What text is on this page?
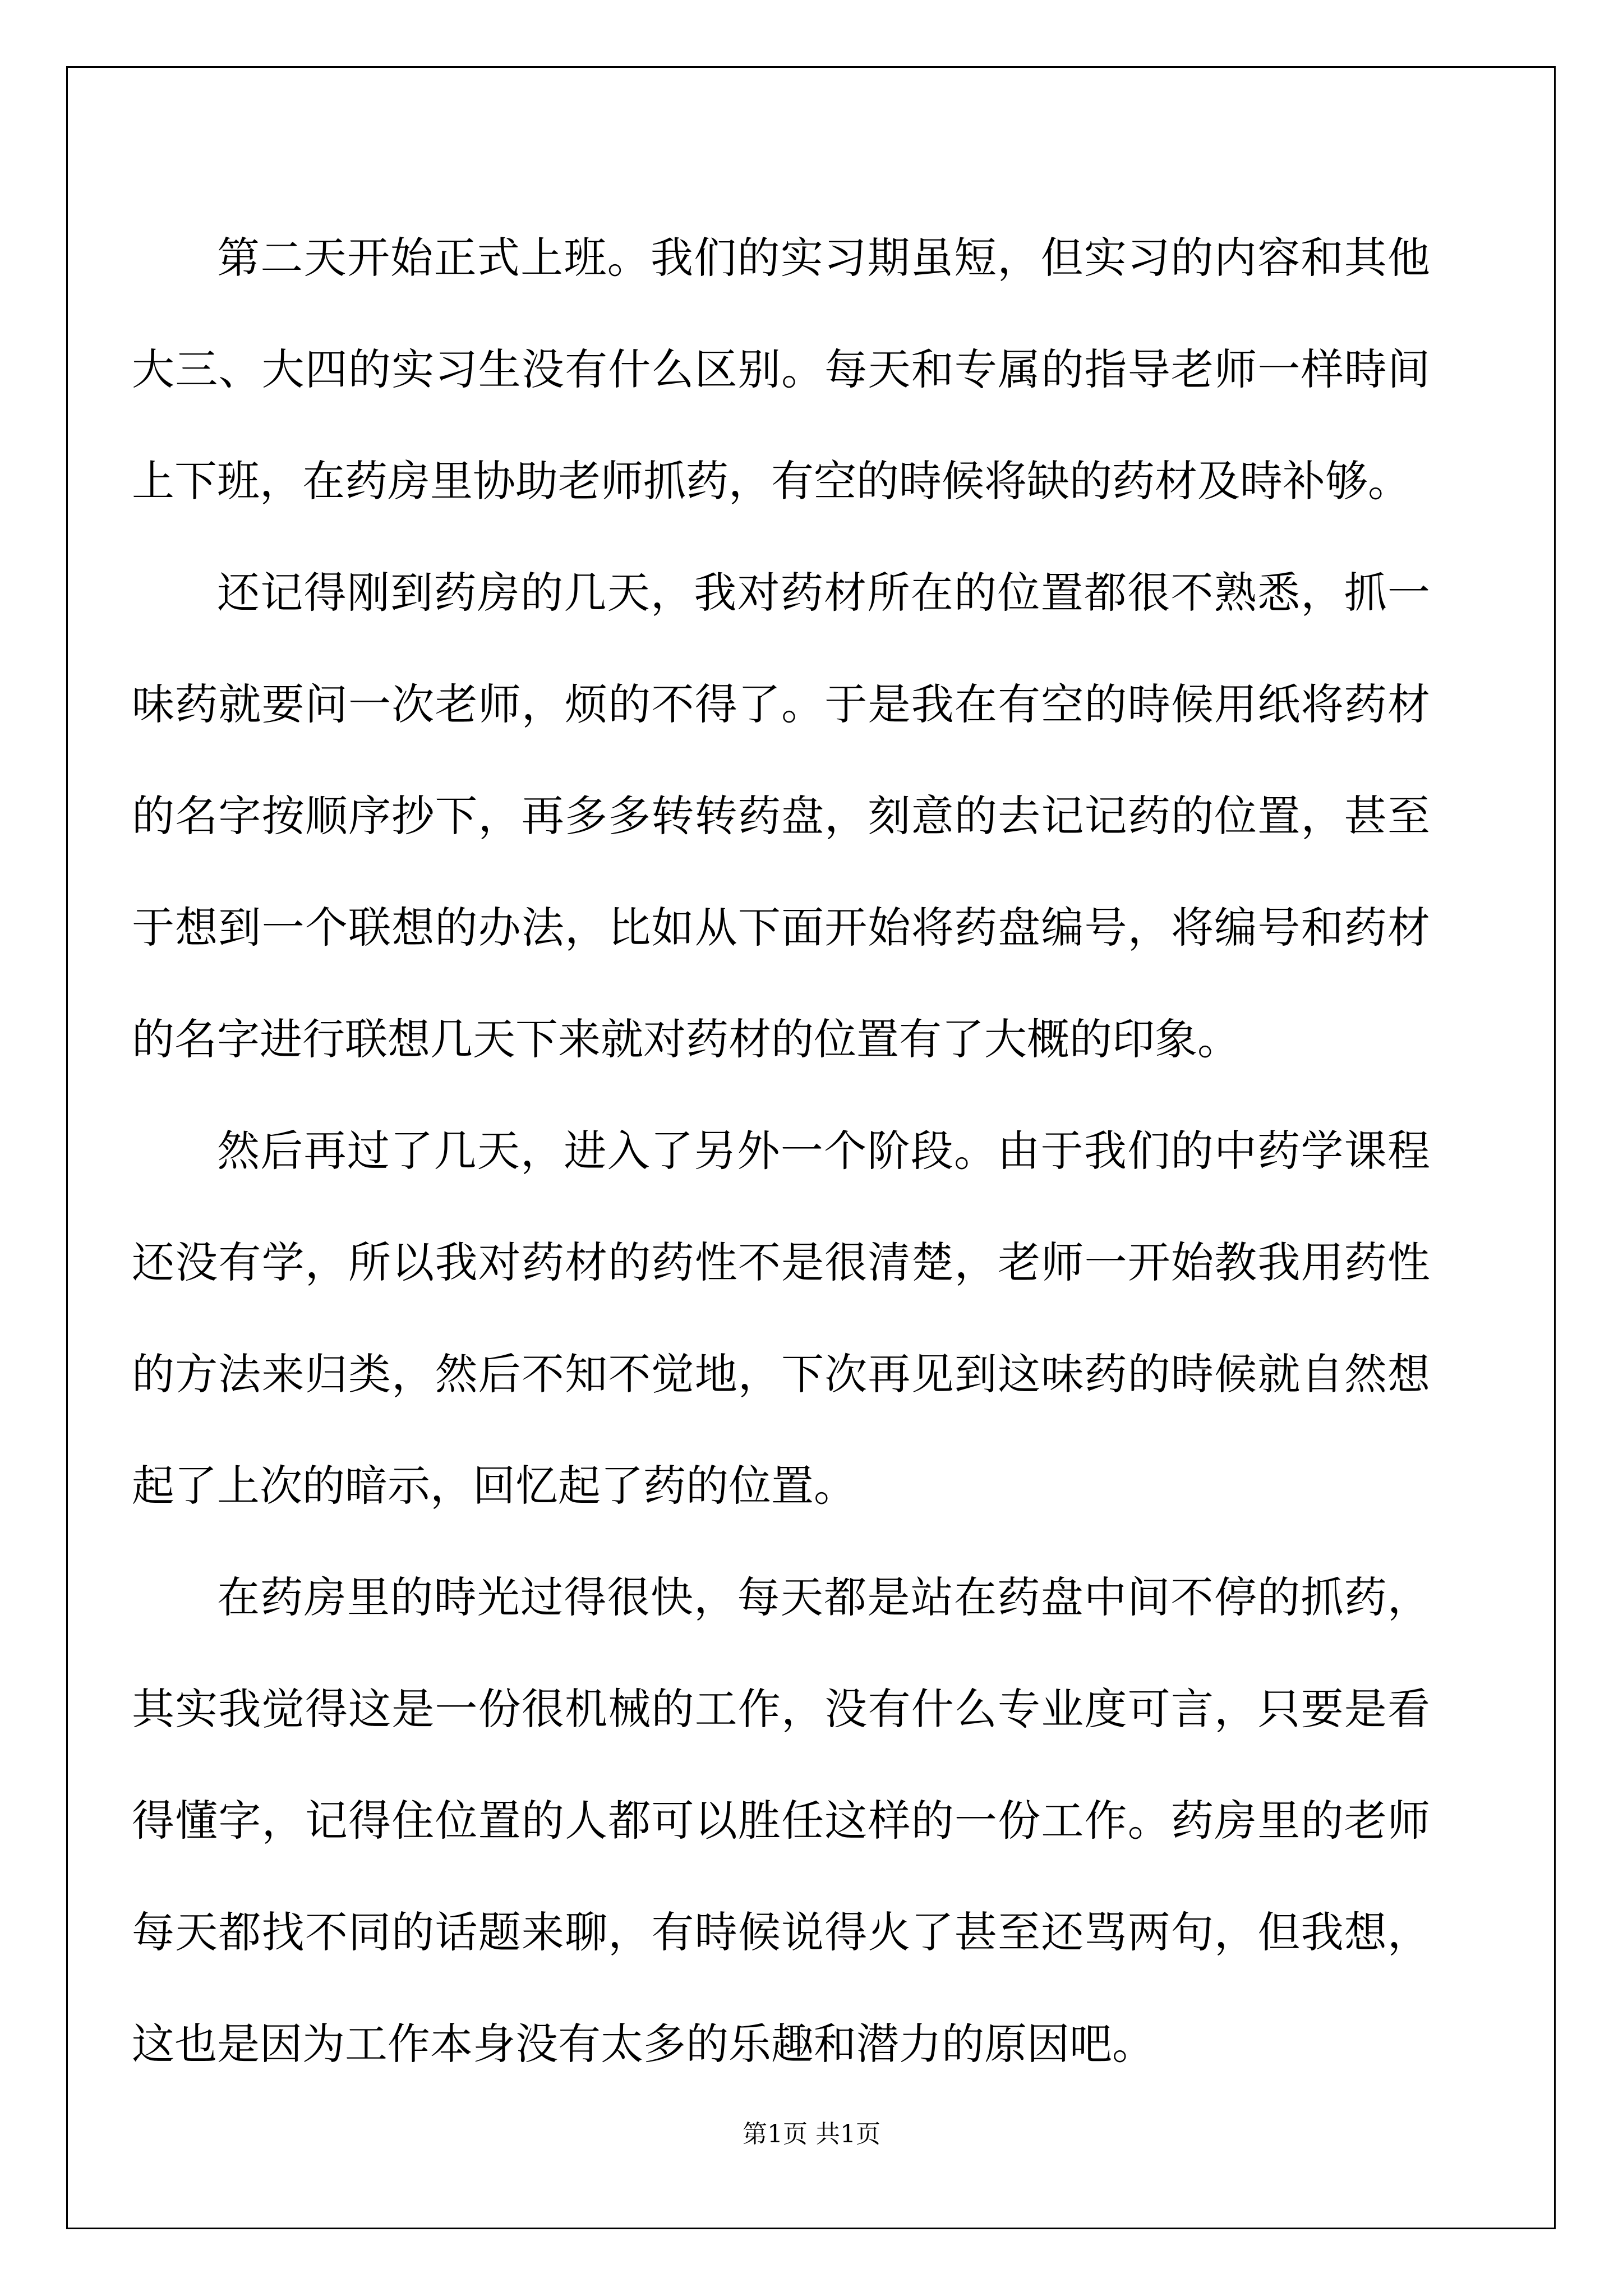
第二天开始正式上班。我们的实习期虽短，但实习的内容和其他大三、大四的实习生没有什么区别。每天和专属的指导老师一样時间上下班，在药房里协助老师抓药，有空的時候将缺的药材及時补够。

还记得刚到药房的几天，我对药材所在的位置都很不熟悉，抓一味药就要问一次老师，烦的不得了。于是我在有空的時候用纸将药材的名字按顺序抄下，再多多转转药盘，刻意的去记记药的位置，甚至于想到一个联想的办法，比如从下面开始将药盘编号，将编号和药材的名字进行联想几天下来就对药材的位置有了大概的印象。

然后再过了几天，进入了另外一个阶段。由于我们的中药学课程还没有学，所以我对药材的药性不是很清楚，老师一开始教我用药性的方法来归类，然后不知不觉地，下次再见到这味药的時候就自然想起了上次的暗示，回忆起了药的位置。

在药房里的時光过得很快，每天都是站在药盘中间不停的抓药，其实我觉得这是一份很机械的工作，没有什么专业度可言，只要是看得懂字，记得住位置的人都可以胜任这样的一份工作。药房里的老师每天都找不同的话题来聊，有時候说得火了甚至还骂两句，但我想，这也是因为工作本身没有太多的乐趣和潜力的原因吧。

第1页 共1页
